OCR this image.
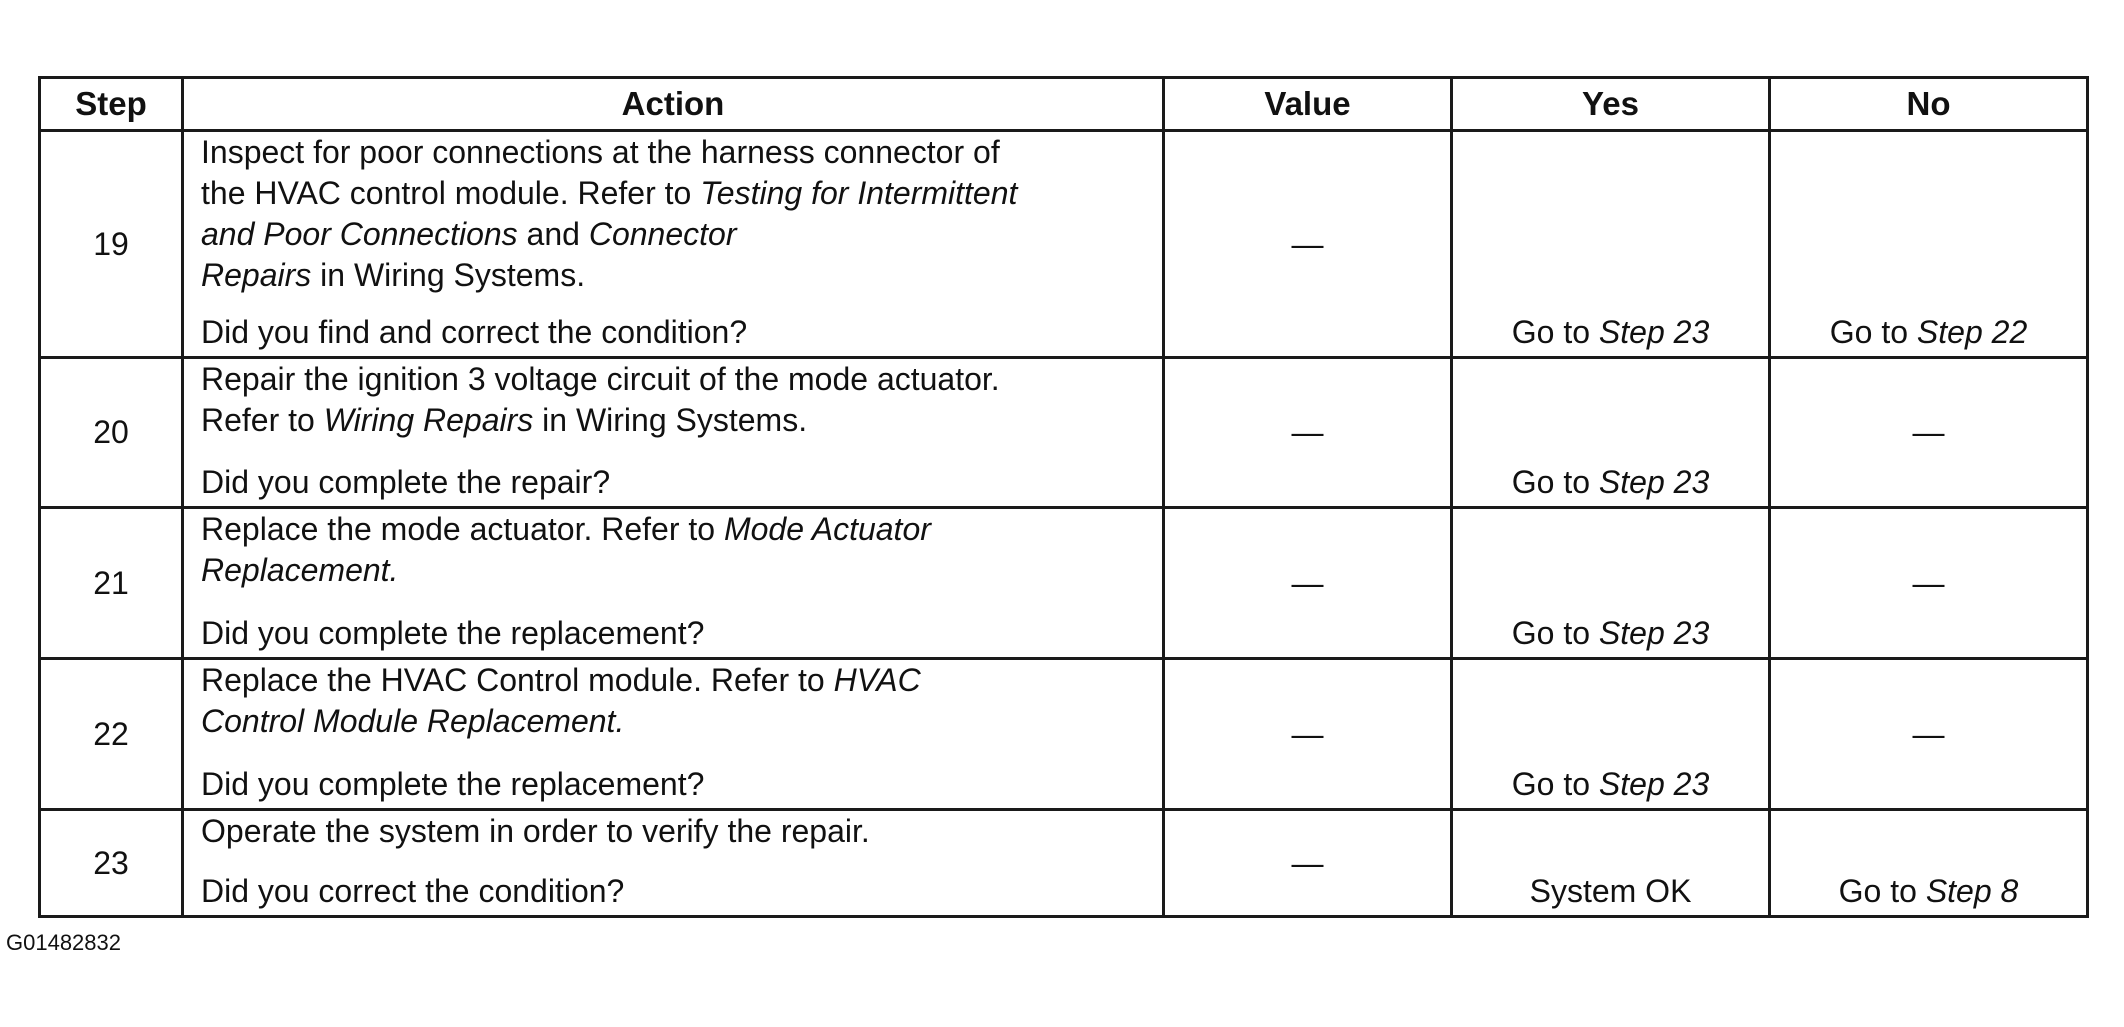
Step	Action	Value	Yes	No
19	Inspect for poor connections at the harness connector of
the HVAC control module. Refer to Testing for Intermittent
and Poor Connections and Connector
Repairs in Wiring Systems.
Did you find and correct the condition?	—	Go to Step 23	Go to Step 22
20	Repair the ignition 3 voltage circuit of the mode actuator.
Refer to Wiring Repairs in Wiring Systems.
Did you complete the repair?	—	Go to Step 23	—
21	Replace the mode actuator. Refer to Mode Actuator
Replacement.
Did you complete the replacement?	—	Go to Step 23	—
22	Replace the HVAC Control module. Refer to HVAC
Control Module Replacement.
Did you complete the replacement?	—	Go to Step 23	—
23	Operate the system in order to verify the repair.
Did you correct the condition?	—	System OK	Go to Step 8
G01482832
